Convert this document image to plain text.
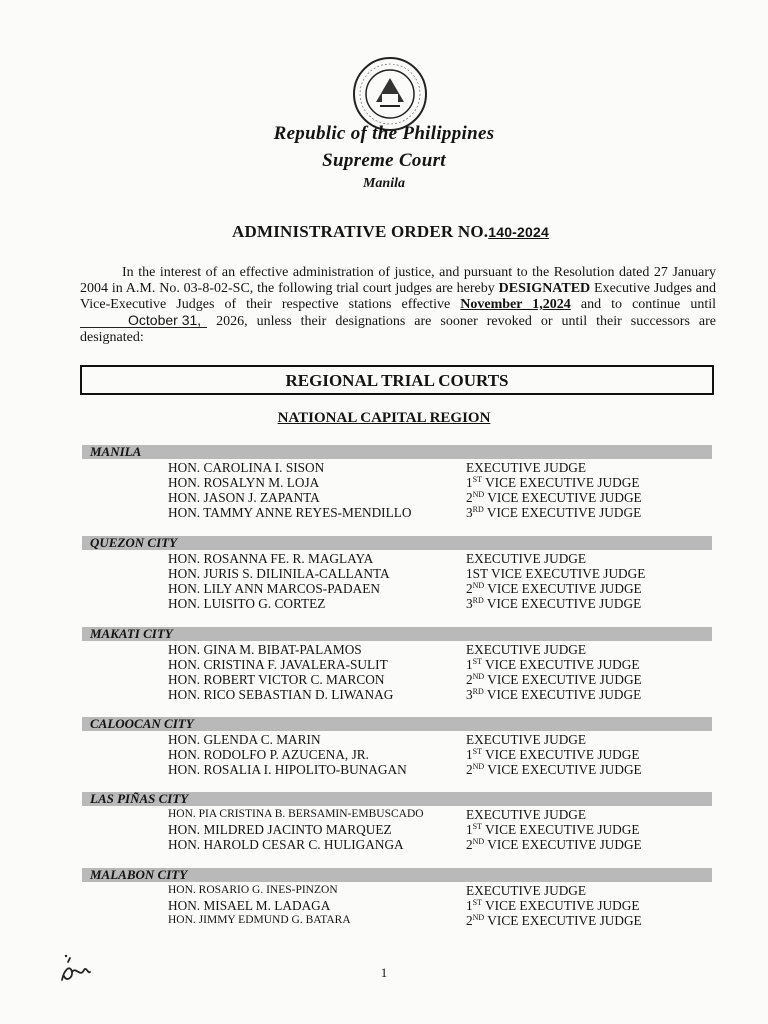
Republic of the Philippines
Supreme Court
Manila
ADMINISTRATIVE ORDER NO.140-2024

In the interest of an effective administration of justice, and pursuant to the Resolution dated 27 January 2004 in A.M. No. 03-8-02-SC, the following trial court judges are hereby DESIGNATED Executive Judges and Vice-Executive Judges of their respective stations effective November 1,2024 and to continue until October 31, 2026, unless their designations are sooner revoked or until their successors are designated:

REGIONAL TRIAL COURTS
NATIONAL CAPITAL REGION
MANILA
HON. CAROLINA I. SISON	EXECUTIVE JUDGE
HON. ROSALYN M. LOJA	1ST VICE EXECUTIVE JUDGE
HON. JASON J. ZAPANTA	2ND VICE EXECUTIVE JUDGE
HON. TAMMY ANNE REYES-MENDILLO	3RD VICE EXECUTIVE JUDGE
QUEZON CITY
HON. ROSANNA FE. R. MAGLAYA	EXECUTIVE JUDGE
HON. JURIS S. DILINILA-CALLANTA	1ST VICE EXECUTIVE JUDGE
HON. LILY ANN MARCOS-PADAEN	2ND VICE EXECUTIVE JUDGE
HON. LUISITO G. CORTEZ	3RD VICE EXECUTIVE JUDGE
MAKATI CITY
HON. GINA M. BIBAT-PALAMOS	EXECUTIVE JUDGE
HON. CRISTINA F. JAVALERA-SULIT	1ST VICE EXECUTIVE JUDGE
HON. ROBERT VICTOR C. MARCON	2ND VICE EXECUTIVE JUDGE
HON. RICO SEBASTIAN D. LIWANAG	3RD VICE EXECUTIVE JUDGE
CALOOCAN CITY
HON. GLENDA C. MARIN	EXECUTIVE JUDGE
HON. RODOLFO P. AZUCENA, JR.	1ST VICE EXECUTIVE JUDGE
HON. ROSALIA I. HIPOLITO-BUNAGAN	2ND VICE EXECUTIVE JUDGE
LAS PIÑAS CITY
HON. PIA CRISTINA B. BERSAMIN-EMBUSCADO	EXECUTIVE JUDGE
HON. MILDRED JACINTO MARQUEZ	1ST VICE EXECUTIVE JUDGE
HON. HAROLD CESAR C. HULIGANGA	2ND VICE EXECUTIVE JUDGE
MALABON CITY
HON. ROSARIO G. INES-PINZON	EXECUTIVE JUDGE
HON. MISAEL M. LADAGA	1ST VICE EXECUTIVE JUDGE
HON. JIMMY EDMUND G. BATARA	2ND VICE EXECUTIVE JUDGE
1
